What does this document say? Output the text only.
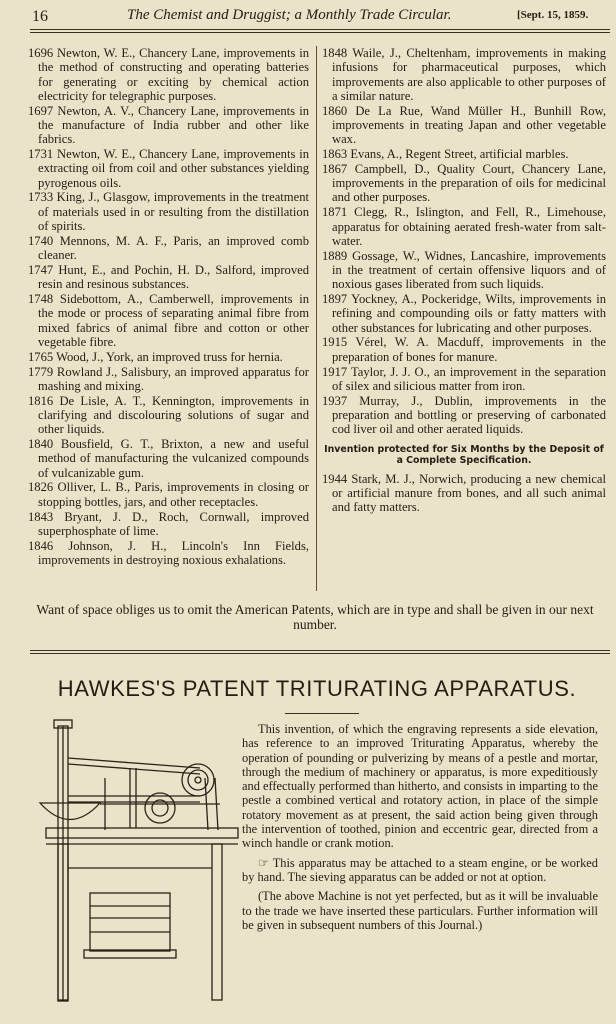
16	The Chemist and Druggist; a Monthly Trade Circular.	[Sept. 15, 1859.

1696 Newton, W. E., Chancery Lane, improvements in the method of constructing and operating batteries for generating or exciting by chemical action electricity for telegraphic purposes.

1697 Newton, A. V., Chancery Lane, improvements in the manufacture of India rubber and other like fabrics.

1731 Newton, W. E., Chancery Lane, improvements in extracting oil from coil and other substances yielding pyrogenous oils.

1733 King, J., Glasgow, improvements in the treatment of materials used in or resulting from the distillation of spirits.

1740 Mennons, M. A. F., Paris, an improved comb cleaner.

1747 Hunt, E., and Pochin, H. D., Salford, improved resin and resinous substances.

1748 Sidebottom, A., Camberwell, improvements in the mode or process of separating animal fibre from mixed fabrics of animal fibre and cotton or other vegetable fibre.

1765 Wood, J., York, an improved truss for hernia.

1779 Rowland J., Salisbury, an improved apparatus for mashing and mixing.

1816 De Lisle, A. T., Kennington, improvements in clarifying and discolouring solutions of sugar and other liquids.

1840 Bousfield, G. T., Brixton, a new and useful method of manufacturing the vulcanized compounds of vulcanizable gum.

1826 Olliver, L. B., Paris, improvements in closing or stopping bottles, jars, and other receptacles.

1843 Bryant, J. D., Roch, Cornwall, improved superphosphate of lime.

1846 Johnson, J. H., Lincoln's Inn Fields, improvements in destroying noxious exhalations.

1848 Waile, J., Cheltenham, improvements in making infusions for pharmaceutical purposes, which improvements are also applicable to other purposes of a similar nature.

1860 De La Rue, Wand Müller H., Bunhill Row, improvements in treating Japan and other vegetable wax.

1863 Evans, A., Regent Street, artificial marbles.

1867 Campbell, D., Quality Court, Chancery Lane, improvements in the preparation of oils for medicinal and other purposes.

1871 Clegg, R., Islington, and Fell, R., Limehouse, apparatus for obtaining aerated fresh-water from salt-water.

1889 Gossage, W., Widnes, Lancashire, improvements in the treatment of certain offensive liquors and of noxious gases liberated from such liquids.

1897 Yockney, A., Pockeridge, Wilts, improvements in refining and compounding oils or fatty matters with other substances for lubricating and other purposes.

1915 Vérel, W. A. Macduff, improvements in the preparation of bones for manure.

1917 Taylor, J. J. O., an improvement in the separation of silex and silicious matter from iron.

1937 Murray, J., Dublin, improvements in the preparation and bottling or preserving of carbonated cod liver oil and other aerated liquids.

Invention protected for Six Months by the Deposit of a Complete Specification.

1944 Stark, M. J., Norwich, producing a new chemical or artificial manure from bones, and all such animal and fatty matters.

Want of space obliges us to omit the American Patents, which are in type and shall be given in our next number.
HAWKES'S PATENT TRITURATING APPARATUS.

This invention, of which the engraving represents a side elevation, has reference to an improved Triturating Apparatus, whereby the operation of pounding or pulverizing by means of a pestle and mortar, through the medium of machinery or apparatus, is more expeditiously and effectually performed than hitherto, and consists in imparting to the pestle a combined vertical and rotatory action, in place of the simple rotatory movement as at present, the said action being given through the intervention of toothed, pinion and eccentric gear, directed from a winch handle or crank motion.

☞ This apparatus may be attached to a steam engine, or be worked by hand. The sieving apparatus can be added or not at option.

(The above Machine is not yet perfected, but as it will be invaluable to the trade we have inserted these particulars. Further information will be given in subsequent numbers of this Journal.)
